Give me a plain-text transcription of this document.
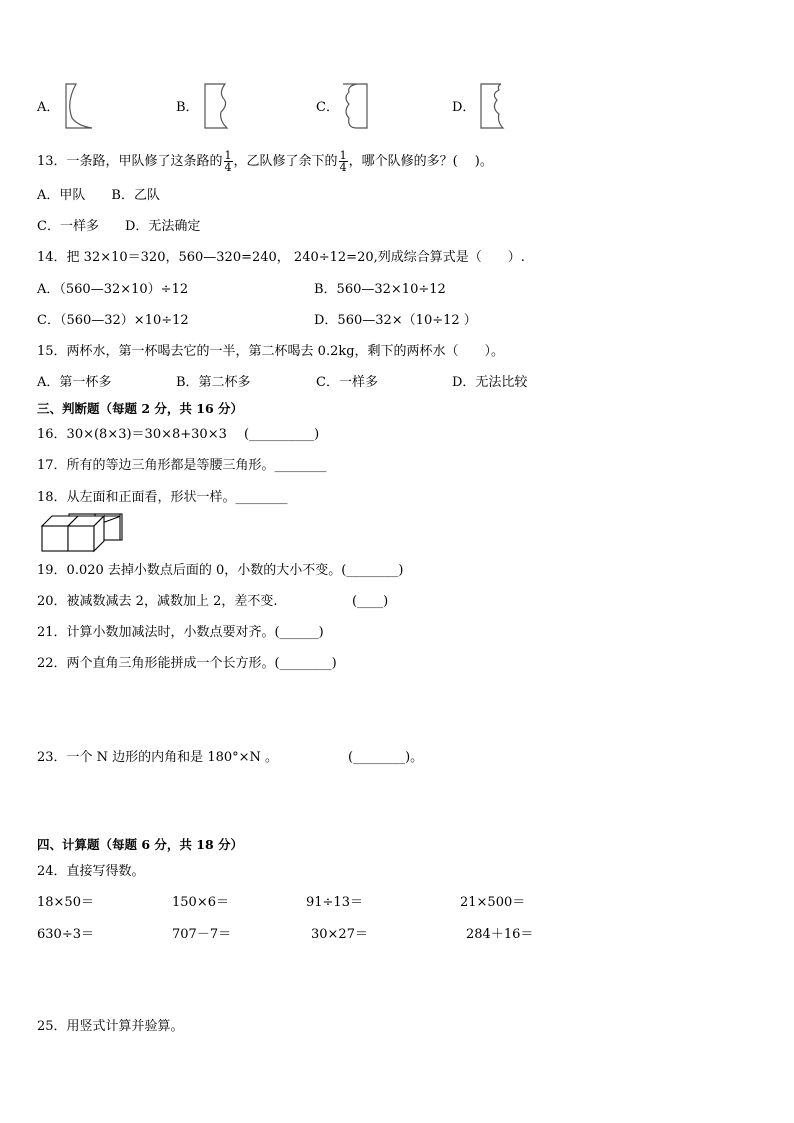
A．	B．	C．	D．
13．一条路，甲队修了这条路的 $\frac{1}{4}$ ，乙队修了余下的 $\frac{1}{4}$ ，哪个队修的多？(　 )。
A．甲队　　B．乙队
C．一样多　　D．无法确定
14．把 32×10＝320，560—320=240， 240÷12=20,列成综合算式是（　　）.
A．（560—32×10）÷12	B．560—32×10÷12
C．（560—32）×10÷12	D．560—32×（10÷12 ）
15．两杯水，第一杯喝去它的一半，第二杯喝去 0.2kg，剩下的两杯水（　　）。
A．第一杯多	B．第二杯多	C．一样多	D．无法比较
三、判断题（每题 2 分，共 16 分）
16．30×(8×3)＝30×8+30×3 　(__________)
17．所有的等边三角形都是等腰三角形。________
18．从左面和正面看，形状一样。________
19．0.020 去掉小数点后面的 0，小数的大小不变。(________)
20．被减数减去 2，减数加上 2，差不变.	(____)
21．计算小数加减法时，小数点要对齐。(______)
22．两个直角三角形能拼成一个长方形。(________)
23．一个 N 边形的内角和是 180°×N 。	(________)。
四、计算题（每题 6 分，共 18 分）
24．直接写得数。
18×50＝	150×6＝	91÷13＝	21×500＝
630÷3＝	707－7＝	30×27＝	284＋16＝
25．用竖式计算并验算。
